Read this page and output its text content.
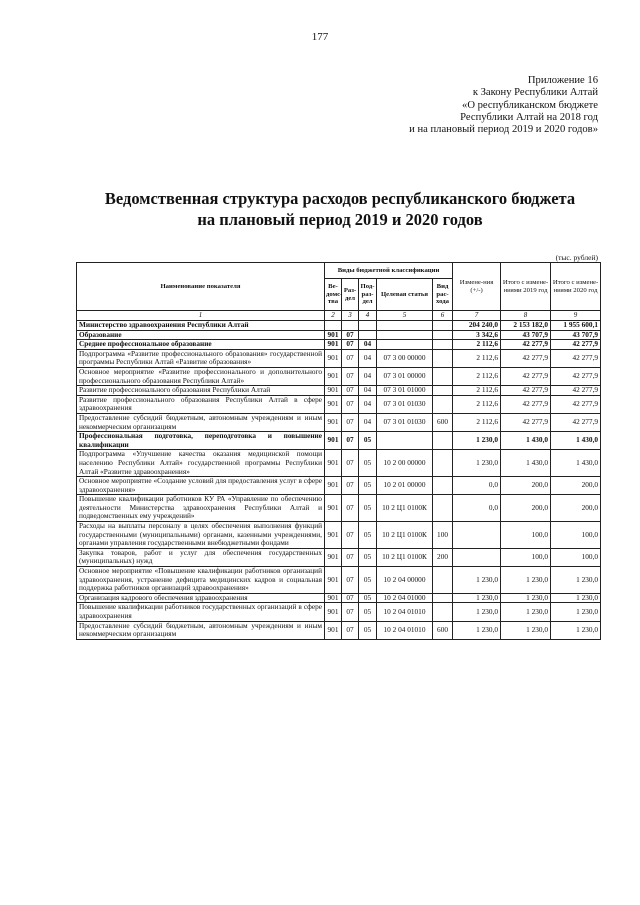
177
Приложение 16
к Закону Республики Алтай
«О республиканском бюджете
Республики Алтай на 2018 год
и на плановый период 2019 и 2020 годов»
Ведомственная структура расходов республиканского бюджета
на плановый период 2019 и 2020 годов
(тыс. рублей)
Наименование показателя	Виды бюджетной классификации					Измене-ния (+/-)	Итого с измене-ниями 2019 год	Итого с измене-ниями 2020 год
	Ве-домс-тва	Раз-дел	Под-раз-дел	Целевая статья	Вид рас-хода			
1	2	3	4	5	6	7	8	9
Министерство здравоохранения Республики Алтай						204 240,0	2 153 182,0	1 955 600,1
Образование	901	07				3 342,6	43 707,9	43 707,9
Среднее профессиональное образование	901	07	04			2 112,6	42 277,9	42 277,9
Подпрограмма «Развитие профессионального образования» государственной программы Республики Алтай «Развитие образования»	901	07	04	07 3 00 00000		2 112,6	42 277,9	42 277,9
Основное мероприятие «Развитие профессионального и дополнительного профессионального образования Республики Алтай»	901	07	04	07 3 01 00000		2 112,6	42 277,9	42 277,9
Развитие профессионального образования Республики Алтай	901	07	04	07 3 01 01000		2 112,6	42 277,9	42 277,9
Развитие профессионального образования Республики Алтай в сфере здравоохранения	901	07	04	07 3 01 01030		2 112,6	42 277,9	42 277,9
Предоставление субсидий бюджетным, автономным учреждениям и иным некоммерческим организациям	901	07	04	07 3 01 01030	600	2 112,6	42 277,9	42 277,9
Профессиональная подготовка, переподготовка и повышение квалификации	901	07	05			1 230,0	1 430,0	1 430,0
Подпрограмма «Улучшение качества оказания медицинской помощи населению Республики Алтай» государственной программы Республики Алтай «Развитие здравоохранения»	901	07	05	10 2 00 00000		1 230,0	1 430,0	1 430,0
Основное мероприятие «Создание условий для предоставления услуг в сфере здравоохранения»	901	07	05	10 2 01 00000		0,0	200,0	200,0
Повышение квалификации работников КУ РА «Управление по обеспечению деятельности Министерства здравоохранения Республики Алтай и подведомственных ему учреждений»	901	07	05	10 2 Ц1 0100К		0,0	200,0	200,0
Расходы на выплаты персоналу в целях обеспечения выполнения функций государственными (муниципальными) органами, казенными учреждениями, органами управления государственными внебюджетными фондами	901	07	05	10 2 Ц1 0100К	100		100,0	100,0
Закупка товаров, работ и услуг для обеспечения государственных (муниципальных) нужд	901	07	05	10 2 Ц1 0100К	200		100,0	100,0
Основное мероприятие «Повышение квалификации работников организаций здравоохранения, устранение дефицита медицинских кадров и социальная поддержка работников организаций здравоохранения»	901	07	05	10 2 04 00000		1 230,0	1 230,0	1 230,0
Организация кадрового обеспечения здравоохранения	901	07	05	10 2 04 01000		1 230,0	1 230,0	1 230,0
Повышение квалификации работников государственных организаций в сфере здравоохранения	901	07	05	10 2 04 01010		1 230,0	1 230,0	1 230,0
Предоставление субсидий бюджетным, автономным учреждениям и иным некоммерческим организациям	901	07	05	10 2 04 01010	600	1 230,0	1 230,0	1 230,0
